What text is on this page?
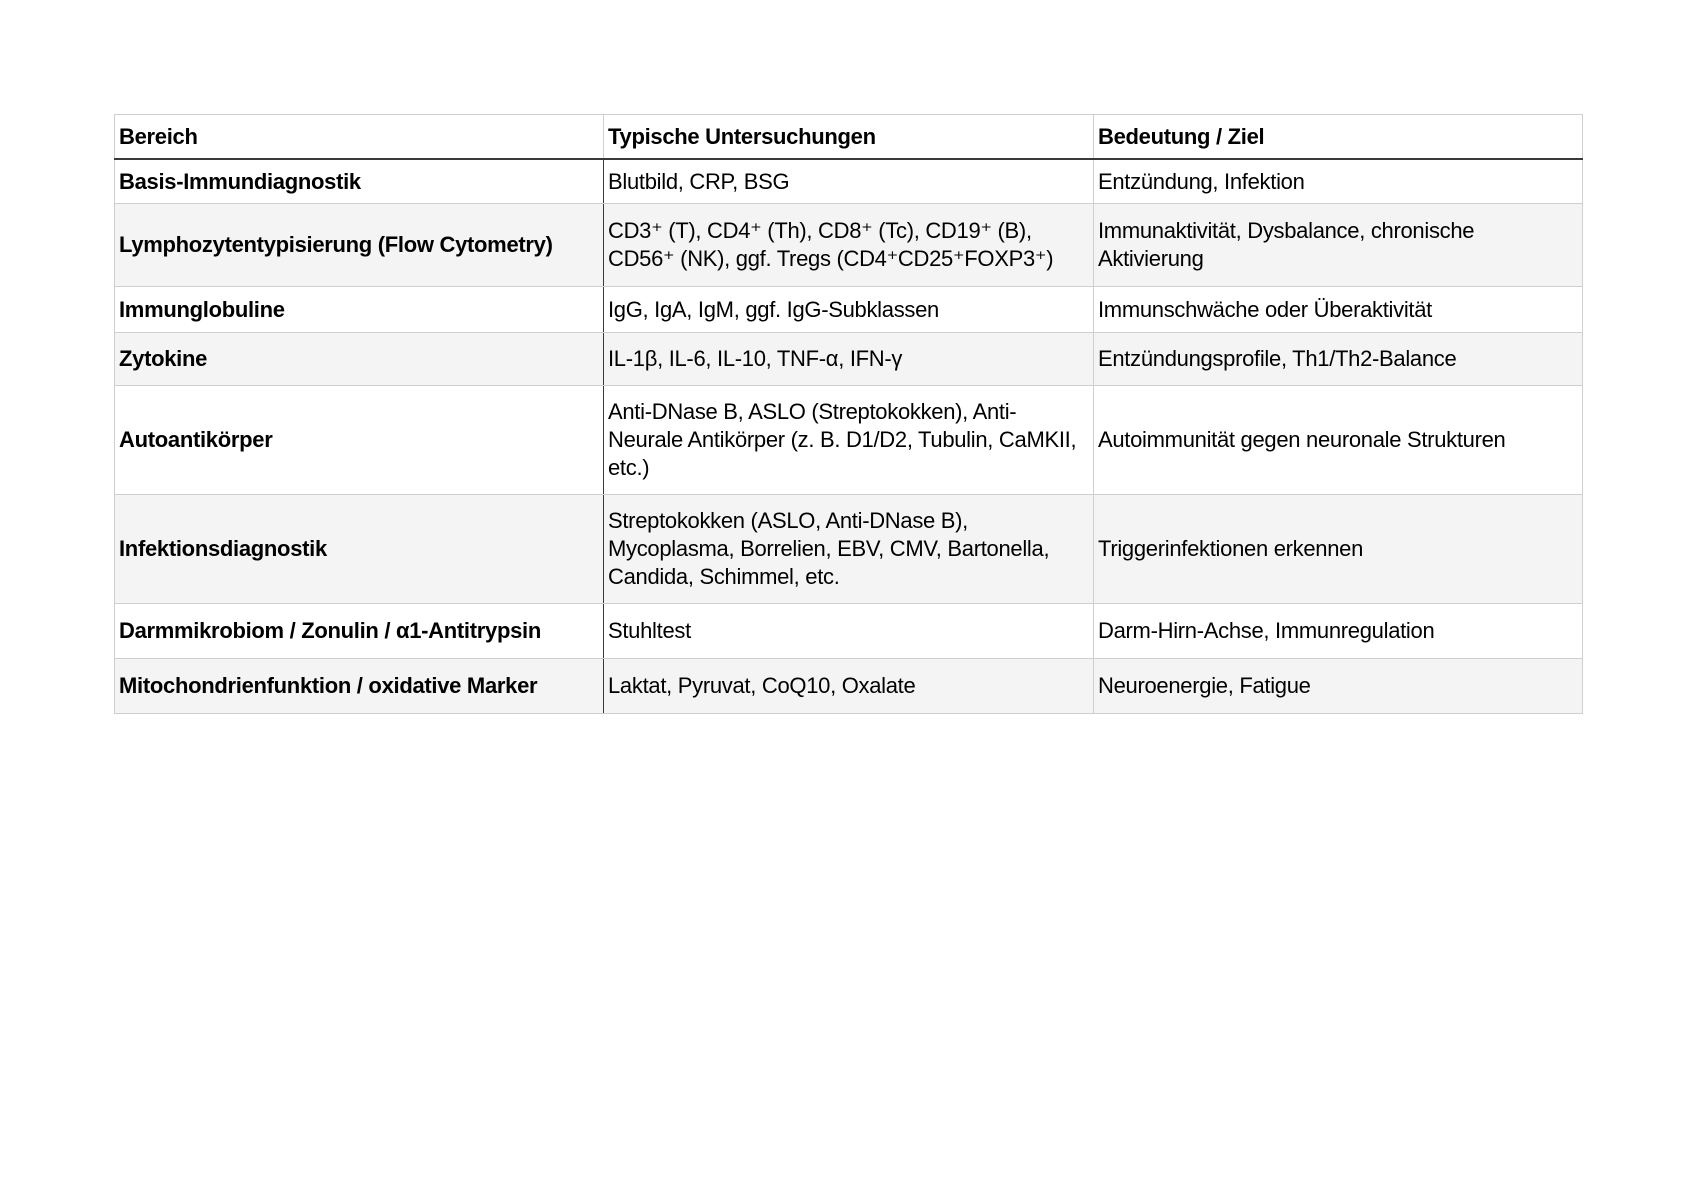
Bereich	Typische Untersuchungen	Bedeutung / Ziel
Basis-Immundiagnostik	Blutbild, CRP, BSG	Entzündung, Infektion
Lymphozytentypisierung (Flow Cytometry)	CD3⁺ (T), CD4⁺ (Th), CD8⁺ (Tc), CD19⁺ (B), CD56⁺ (NK), ggf. Tregs (CD4⁺CD25⁺FOXP3⁺)	Immunaktivität, Dysbalance, chronische Aktivierung
Immunglobuline	IgG, IgA, IgM, ggf. IgG-Subklassen	Immunschwäche oder Überaktivität
Zytokine	IL-1β, IL-6, IL-10, TNF-α, IFN-γ	Entzündungsprofile, Th1/Th2-Balance
Autoantikörper	Anti-DNase B, ASLO (Streptokokken), Anti-Neurale Antikörper (z. B. D1/D2, Tubulin, CaMKII, etc.)	Autoimmunität gegen neuronale Strukturen
Infektionsdiagnostik	Streptokokken (ASLO, Anti-DNase B), Mycoplasma, Borrelien, EBV, CMV, Bartonella, Candida, Schimmel, etc.	Triggerinfektionen erkennen
Darmmikrobiom / Zonulin / α1-Antitrypsin	Stuhltest	Darm-Hirn-Achse, Immunregulation
Mitochondrienfunktion / oxidative Marker	Laktat, Pyruvat, CoQ10, Oxalate	Neuroenergie, Fatigue
